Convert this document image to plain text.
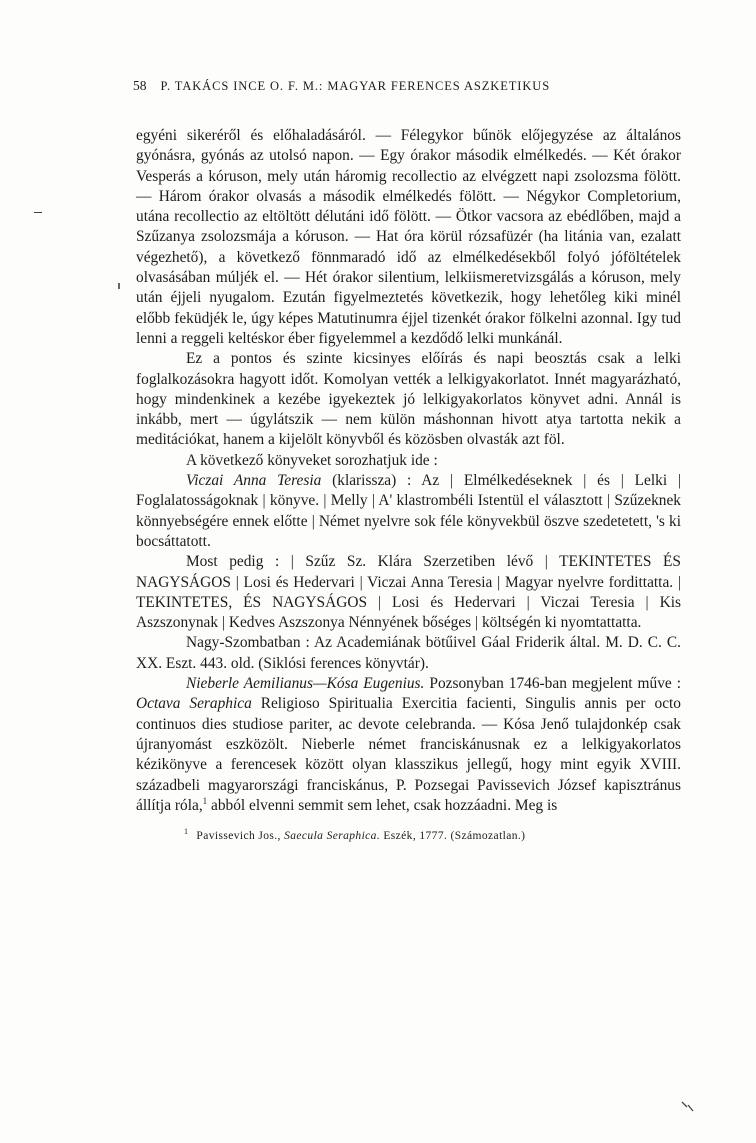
58 P. TAKÁCS INCE O. F. M.: MAGYAR FERENCES ASZKETIKUS

egyéni sikeréről és előhaladásáról. — Félegykor bűnök előjegyzése az általános gyónásra, gyónás az utolsó napon. — Egy órakor második elmélkedés. — Két órakor Vesperás a kóruson, mely után háromig recollectio az elvégzett napi zsolozsma fölött. — Három órakor olvasás a második elmélkedés fölött. — Négykor Completorium, utána recollectio az eltöltött délutáni idő fölött. — Ötkor vacsora az ebédlőben, majd a Szűzanya zsolozsmája a kóruson. — Hat óra körül rózsafüzér (ha litánia van, ezalatt végezhető), a következő fönnmaradó idő az elmélkedésekből folyó jóföltételek olvasásában múljék el. — Hét órakor silentium, lelkiismeretvizsgálás a kóruson, mely után éjjeli nyugalom. Ezután figyelmeztetés következik, hogy lehetőleg kiki minél előbb feküdjék le, úgy képes Matutinumra éjjel tizenkét órakor fölkelni azonnal. Igy tud lenni a reggeli keltéskor éber figyelemmel a kezdődő lelki munkánál.

Ez a pontos és szinte kicsinyes előírás és napi beosztás csak a lelki foglalkozásokra hagyott időt. Komolyan vették a lelkigyakorlatot. Innét magyarázható, hogy mindenkinek a kezébe igyekeztek jó lelkigyakorlatos könyvet adni. Annál is inkább, mert — úgylátszik — nem külön máshonnan hivott atya tartotta nekik a meditációkat, hanem a kijelölt könyvből és közösben olvasták azt föl.

A következő könyveket sorozhatjuk ide :

Viczai Anna Teresia (klarissza) : Az | Elmélkedéseknek | és | Lelki | Foglalatosságoknak | könyve. | Melly | A' klastrombéli Istentül el választott | Szűzeknek könnyebségére ennek előtte | Német nyelvre sok féle könyvekbül öszve szedetetett, 's ki bocsáttatott.

Most pedig : | Szűz Sz. Klára Szerzetiben lévő | TEKINTETES ÉS NAGYSÁGOS | Losi és Hedervari | Viczai Anna Teresia | Magyar nyelvre fordittatta. | TEKINTETES, ÉS NAGYSÁGOS | Losi és Hedervari | Viczai Teresia | Kis Aszszonynak | Kedves Aszszonya Nénnyének bőséges | költségén ki nyomtattatta.

Nagy-Szombatban : Az Academiának bötűivel Gáal Friderik által. M. D. C. C. XX. Eszt. 443. old. (Siklósi ferences könyvtár).

Nieberle Aemilianus—Kósa Eugenius. Pozsonyban 1746-ban megjelent műve : Octava Seraphica Religioso Spiritualia Exercitia facienti, Singulis annis per octo continuos dies studiose pariter, ac devote celebranda. — Kósa Jenő tulajdonkép csak újranyomást eszközölt. Nieberle német franciskánusnak ez a lelkigyakorlatos kézikönyve a ferencesek között olyan klasszikus jellegű, hogy mint egyik XVIII. századbeli magyarországi franciskánus, P. Pozsegai Pavissevich József kapisztránus állítja róla,$^1$ abból elvenni semmit sem lehet, csak hozzáadni. Meg is

$^1$ Pavissevich Jos., Saecula Seraphica. Eszék, 1777. (Számozatlan.)
